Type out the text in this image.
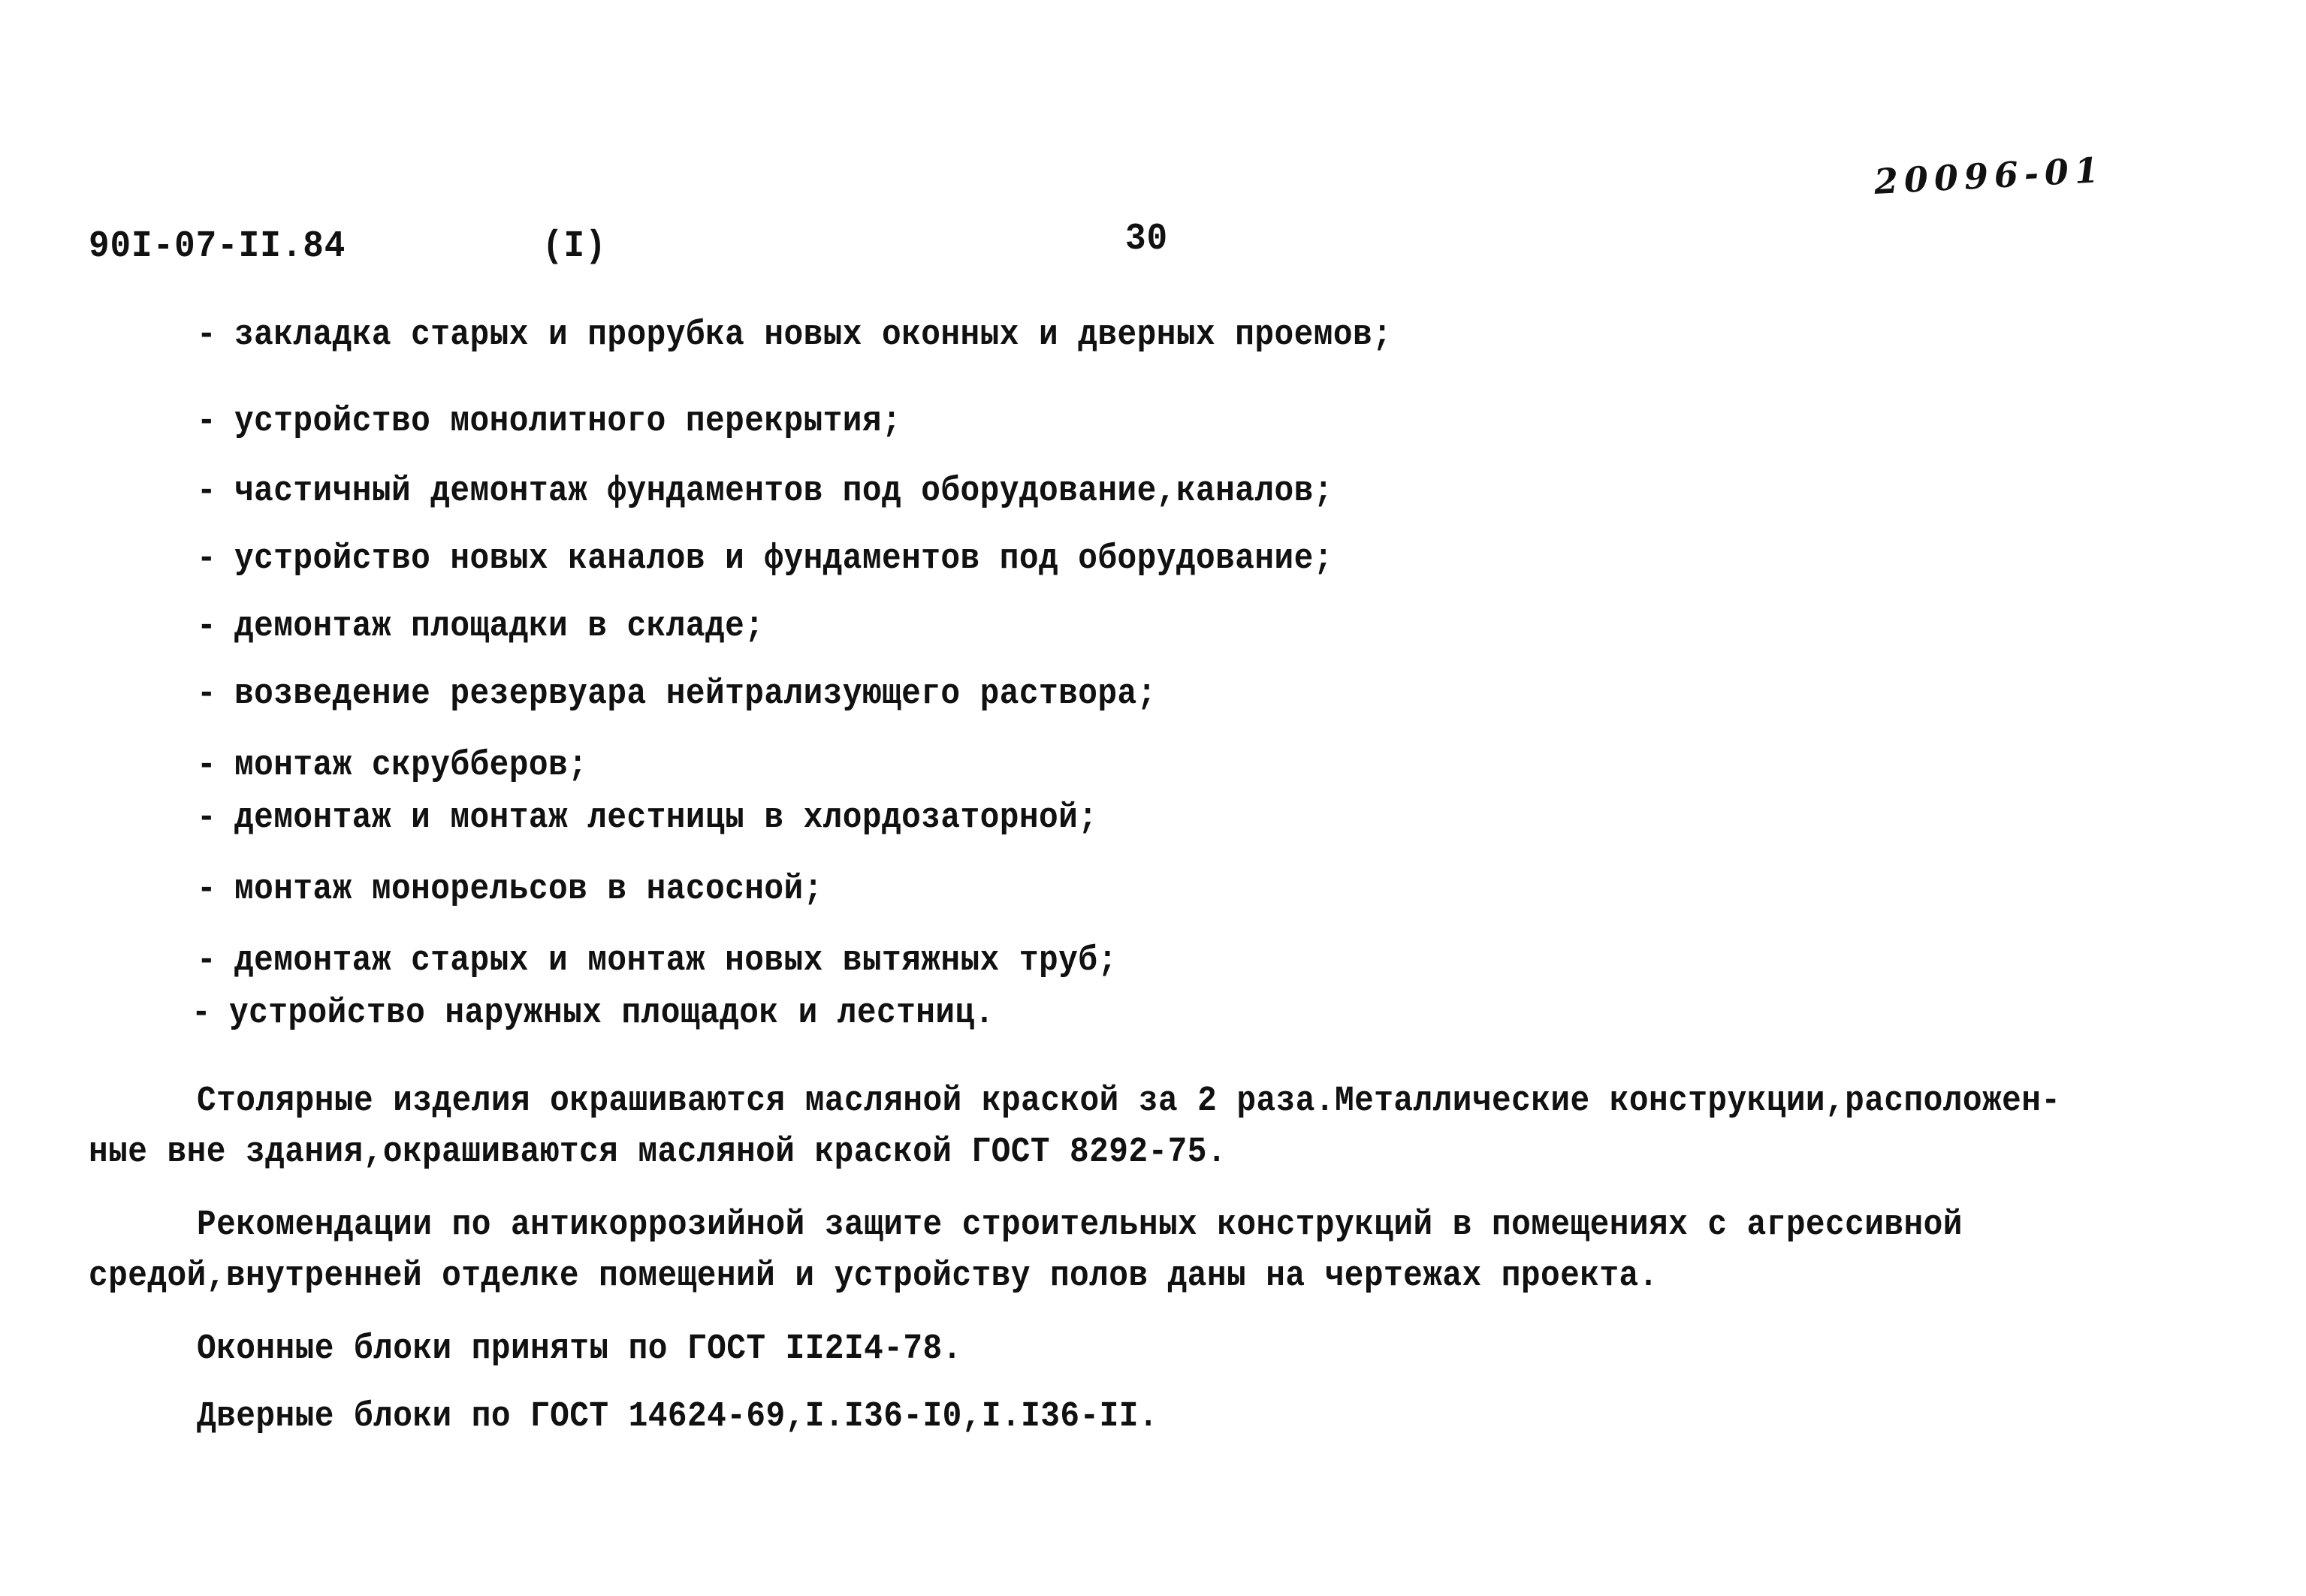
90I-07-II.84	(I)	30
20096-01
- закладка старых и прорубка новых оконных и дверных проемов;
- устройство монолитного перекрытия;
- частичный демонтаж фундаментов под оборудование,каналов;
- устройство новых каналов и фундаментов под оборудование;
- демонтаж площадки в складе;
- возведение резервуара нейтрализующего раствора;
- монтаж скрубберов;
- демонтаж и монтаж лестницы в хлордозаторной;
- монтаж монорельсов в насосной;
- демонтаж старых и монтаж новых вытяжных труб;
- устройство наружных площадок и лестниц.
Столярные изделия окрашиваются масляной краской за 2 раза.Металлические конструкции,расположен-
ные вне здания,окрашиваются масляной краской ГОСТ 8292-75.
Рекомендации по антикоррозийной защите строительных конструкций в помещениях с агрессивной
средой,внутренней отделке помещений и устройству полов даны на чертежах проекта.
Оконные блоки приняты по ГОСТ II2I4-78.
Дверные блоки по ГОСТ 14624-69,I.I36-I0,I.I36-II.
